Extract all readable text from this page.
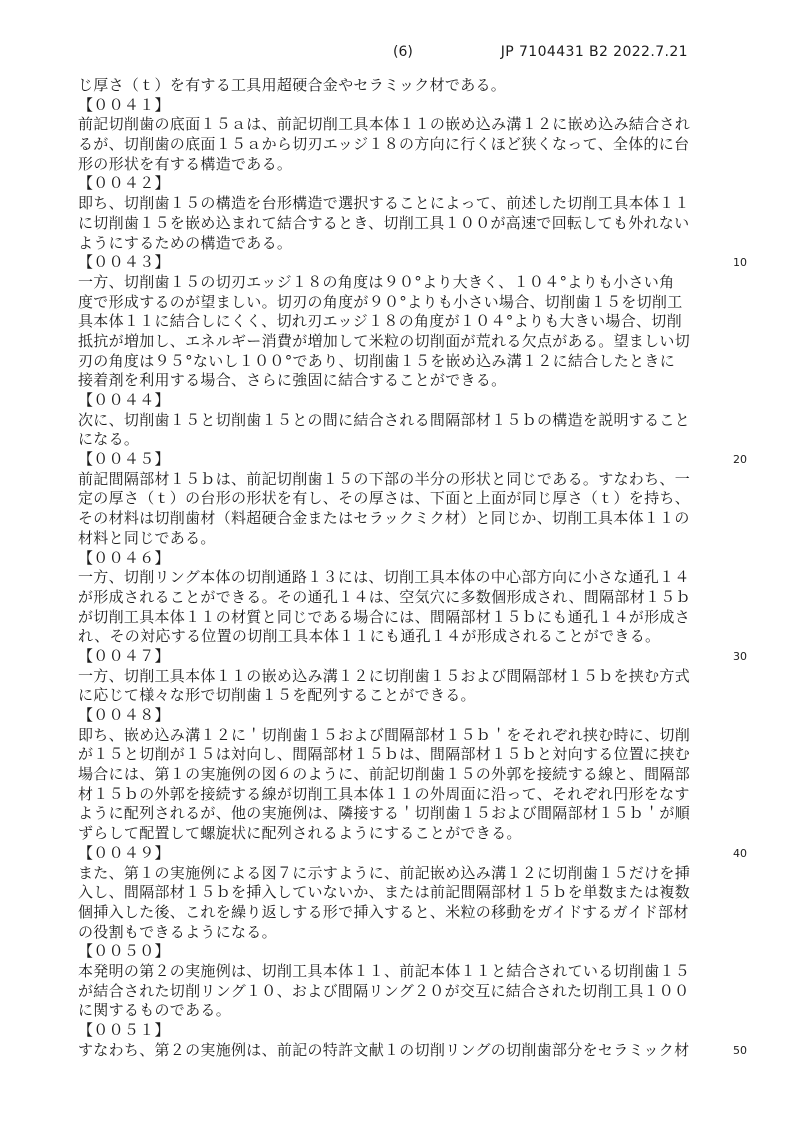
(6)	JP 7104431 B2 2022.7.21
じ厚さ（ｔ）を有する工具用超硬合金やセラミック材である。
【００４１】
前記切削歯の底面１５ａは、前記切削工具本体１１の嵌め込み溝１２に嵌め込み結合され
るが、切削歯の底面１５ａから切刃エッジ１８の方向に行くほど狭くなって、全体的に台
形の形状を有する構造である。
【００４２】
即ち、切削歯１５の構造を台形構造で選択することによって、前述した切削工具本体１１
に切削歯１５を嵌め込まれて結合するとき、切削工具１００が高速で回転しても外れない
ようにするための構造である。
【００４３】	10
一方、切削歯１５の切刃エッジ１８の角度は９０°より大きく、１０４°よりも小さい角
度で形成するのが望ましい。切刃の角度が９０°よりも小さい場合、切削歯１５を切削工
具本体１１に結合しにくく、切れ刃エッジ１８の角度が１０４°よりも大きい場合、切削
抵抗が増加し、エネルギー消費が増加して米粒の切削面が荒れる欠点がある。望ましい切
刃の角度は９５°ないし１００°であり、切削歯１５を嵌め込み溝１２に結合したときに
接着剤を利用する場合、さらに強固に結合することができる。
【００４４】
次に、切削歯１５と切削歯１５との間に結合される間隔部材１５ｂの構造を説明すること
になる。
【００４５】	20
前記間隔部材１５ｂは、前記切削歯１５の下部の半分の形状と同じである。すなわち、一
定の厚さ（ｔ）の台形の形状を有し、その厚さは、下面と上面が同じ厚さ（ｔ）を持ち、
その材料は切削歯材（料超硬合金またはセラックミク材）と同じか、切削工具本体１１の
材料と同じである。
【００４６】
一方、切削リング本体の切削通路１３には、切削工具本体の中心部方向に小さな通孔１４
が形成されることができる。その通孔１４は、空気穴に多数個形成され、間隔部材１５ｂ
が切削工具本体１１の材質と同じである場合には、間隔部材１５ｂにも通孔１４が形成さ
れ、その対応する位置の切削工具本体１１にも通孔１４が形成されることができる。
【００４７】	30
一方、切削工具本体１１の嵌め込み溝１２に切削歯１５および間隔部材１５ｂを挟む方式
に応じて様々な形で切削歯１５を配列することができる。
【００４８】
即ち、嵌め込み溝１２に＇切削歯１５および間隔部材１５ｂ＇をそれぞれ挟む時に、切削
が１５と切削が１５は対向し、間隔部材１５ｂは、間隔部材１５ｂと対向する位置に挟む
場合には、第１の実施例の図６のように、前記切削歯１５の外郭を接続する線と、間隔部
材１５ｂの外郭を接続する線が切削工具本体１１の外周面に沿って、それぞれ円形をなす
ように配列されるが、他の実施例は、隣接する＇切削歯１５および間隔部材１５ｂ＇が順
ずらして配置して螺旋状に配列されるようにすることができる。
【００４９】	40
また、第１の実施例による図７に示すように、前記嵌め込み溝１２に切削歯１５だけを挿
入し、間隔部材１５ｂを挿入していないか、または前記間隔部材１５ｂを単数または複数
個挿入した後、これを繰り返しする形で挿入すると、米粒の移動をガイドするガイド部材
の役割もできるようになる。
【００５０】
本発明の第２の実施例は、切削工具本体１１、前記本体１１と結合されている切削歯１５
が結合された切削リング１０、および間隔リング２０が交互に結合された切削工具１００
に関するものである。
【００５１】
すなわち、第２の実施例は、前記の特許文献１の切削リングの切削歯部分をセラミック材	50
